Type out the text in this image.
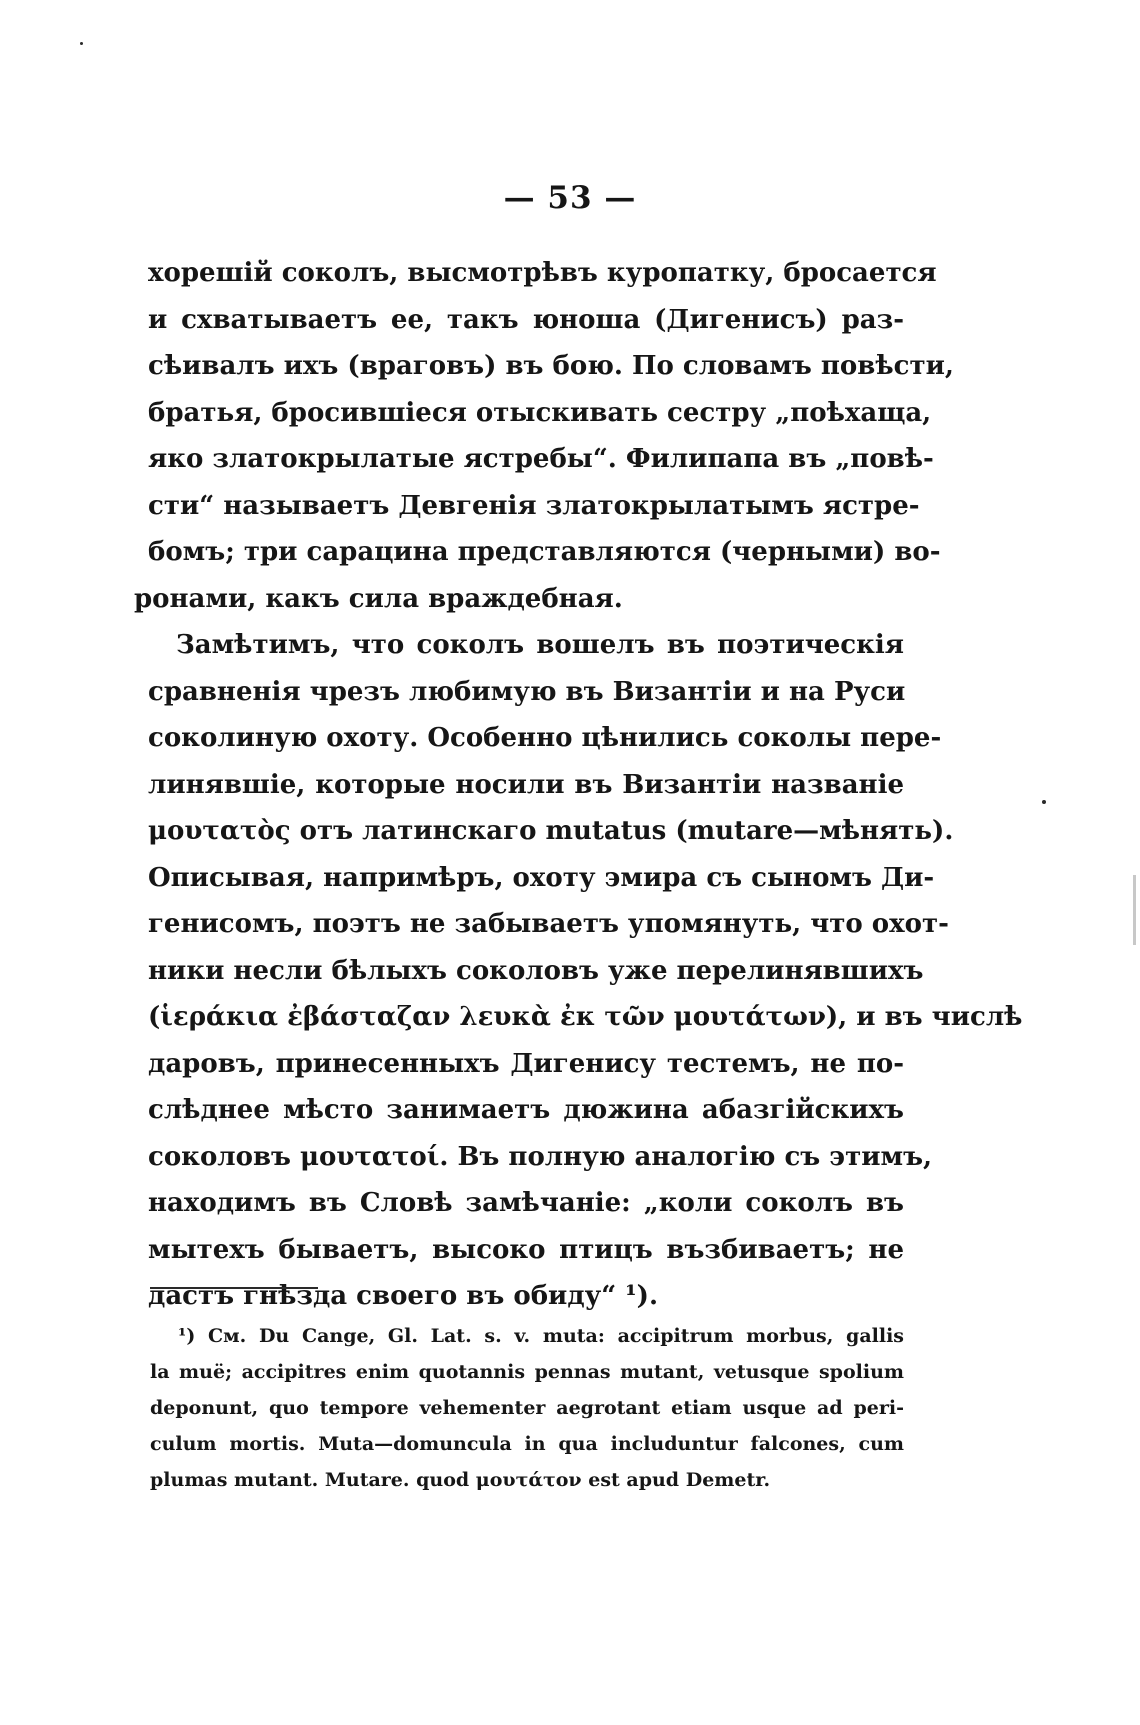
— 53 —
хорешій соколъ, высмотрѣвъ куропатку, бросается
и схватываетъ ее, такъ юноша (Дигенисъ) раз-
сѣивалъ ихъ (враговъ) въ бою. По словамъ повѣсти,
братья, бросившіеся отыскивать сестру „поѣхаща,
яко златокрылатые ястребы“. Филипапа въ „повѣ-
сти“ называетъ Девгенія златокрылатымъ ястре-
бомъ; три сарацина представляются (черными) во-
ронами, какъ сила враждебная.
Замѣтимъ, что соколъ вошелъ въ поэтическія
сравненія чрезъ любимую въ Византіи и на Руси
соколиную охоту. Особенно цѣнились соколы пере-
линявшіе, которые носили въ Византіи названіе
μουτατὸς отъ латинскаго mutatus (mutare—мѣнять).
Описывая, напримѣръ, охоту эмира съ сыномъ Ди-
генисомъ, поэтъ не забываетъ упомянуть, что охот-
ники несли бѣлыхъ соколовъ уже перелинявшихъ
(ἱεράκια ἐβάσταζαν λευκὰ ἐκ τῶν μουτάτων), и въ числѣ
даровъ, принесенныхъ Дигенису тестемъ, не по-
слѣднее мѣсто занимаетъ дюжина абазгійскихъ
соколовъ μουτατοί. Въ полную аналогію съ этимъ,
находимъ въ Словѣ замѣчаніе: „коли соколъ въ
мытехъ бываетъ, высоко птицъ възбиваетъ; не
дастъ гнѣзда своего въ обиду“ ¹).
¹) См. Du Cange, Gl. Lat. s. v. muta: accipitrum morbus, gallis
la muë; accipitres enim quotannis pennas mutant, vetusque spolium
deponunt, quo tempore vehementer aegrotant etiam usque ad peri-
culum mortis. Muta—domuncula in qua includuntur falcones, cum
plumas mutant. Mutare. quod μουτάτον est apud Demetr.
